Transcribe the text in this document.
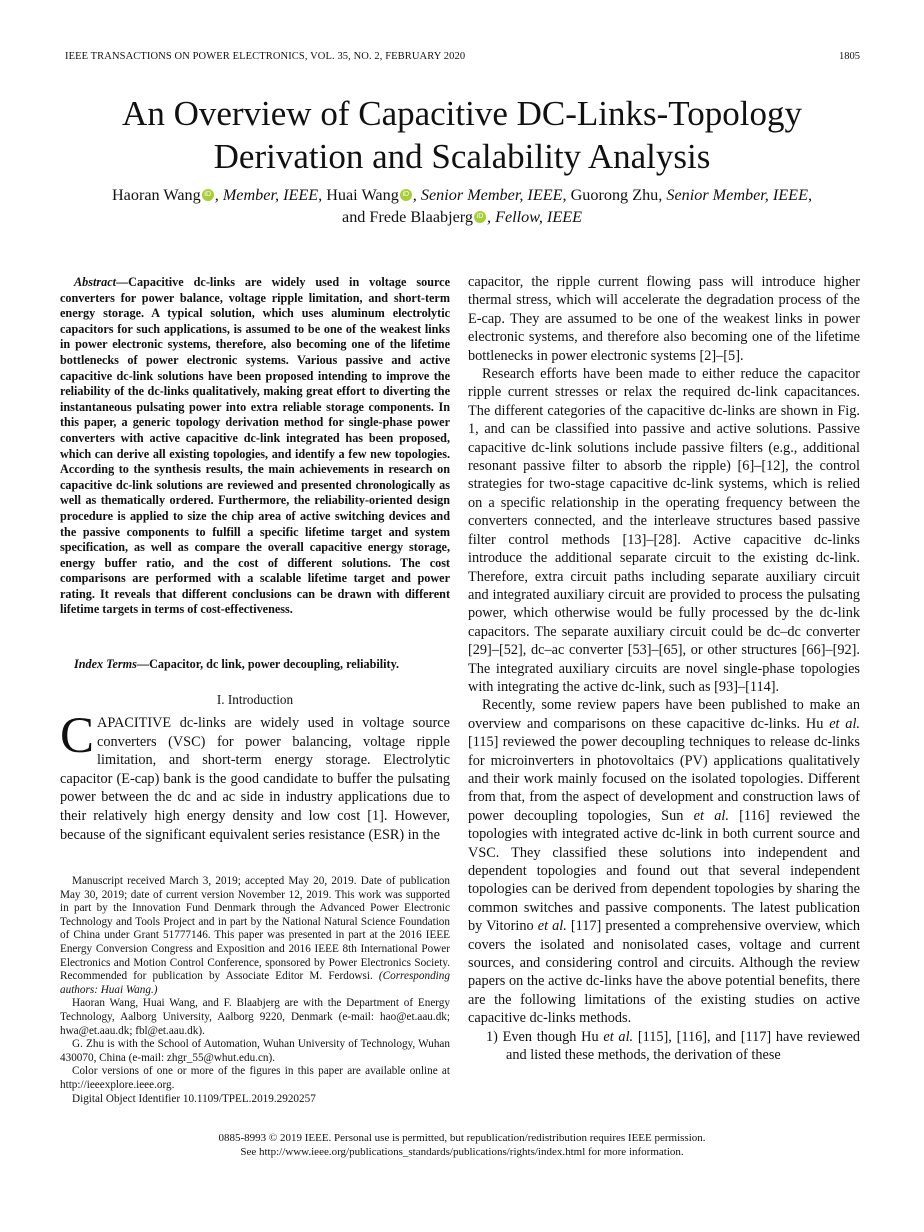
IEEE TRANSACTIONS ON POWER ELECTRONICS, VOL. 35, NO. 2, FEBRUARY 2020	1805
An Overview of Capacitive DC-Links-Topology
Derivation and Scalability Analysis
Haoran Wang iD , Member, IEEE, Huai Wang iD , Senior Member, IEEE, Guorong Zhu, Senior Member, IEEE,
and Frede Blaabjerg iD , Fellow, IEEE
Abstract—Capacitive dc-links are widely used in voltage source converters for power balance, voltage ripple limitation, and short-term energy storage. A typical solution, which uses aluminum electrolytic capacitors for such applications, is assumed to be one of the weakest links in power electronic systems, therefore, also becoming one of the lifetime bottlenecks of power electronic systems. Various passive and active capacitive dc-link solutions have been proposed intending to improve the reliability of the dc-links qualitatively, making great effort to diverting the instantaneous pulsating power into extra reliable storage components. In this paper, a generic topology derivation method for single-phase power converters with active capacitive dc-link integrated has been proposed, which can derive all existing topologies, and identify a few new topologies. According to the synthesis results, the main achievements in research on capacitive dc-link solutions are reviewed and presented chronologically as well as thematically ordered. Furthermore, the reliability-oriented design procedure is applied to size the chip area of active switching devices and the passive components to fulfill a specific lifetime target and system specification, as well as compare the overall capacitive energy storage, energy buffer ratio, and the cost of different solutions. The cost comparisons are performed with a scalable lifetime target and power rating. It reveals that different conclusions can be drawn with different lifetime targets in terms of cost-effectiveness.
Index Terms—Capacitor, dc link, power decoupling, reliability.
I. Introduction
CAPACITIVE dc-links are widely used in voltage source converters (VSC) for power balancing, voltage ripple limitation, and short-term energy storage. Electrolytic capacitor (E-cap) bank is the good candidate to buffer the pulsating power between the dc and ac side in industry applications due to their relatively high energy density and low cost [1]. However, because of the significant equivalent series resistance (ESR) in the

Manuscript received March 3, 2019; accepted May 20, 2019. Date of publication May 30, 2019; date of current version November 12, 2019. This work was supported in part by the Innovation Fund Denmark through the Advanced Power Electronic Technology and Tools Project and in part by the National Natural Science Foundation of China under Grant 51777146. This paper was presented in part at the 2016 IEEE Energy Conversion Congress and Exposition and 2016 IEEE 8th International Power Electronics and Motion Control Conference, sponsored by Power Electronics Society. Recommended for publication by Associate Editor M. Ferdowsi. (Corresponding authors: Huai Wang.)

Haoran Wang, Huai Wang, and F. Blaabjerg are with the Department of Energy Technology, Aalborg University, Aalborg 9220, Denmark (e-mail: hao@et.aau.dk; hwa@et.aau.dk; fbl@et.aau.dk).

G. Zhu is with the School of Automation, Wuhan University of Technology, Wuhan 430070, China (e-mail: zhgr_55@whut.edu.cn).

Color versions of one or more of the figures in this paper are available online at http://ieeexplore.ieee.org.

Digital Object Identifier 10.1109/TPEL.2019.2920257

capacitor, the ripple current flowing pass will introduce higher thermal stress, which will accelerate the degradation process of the E-cap. They are assumed to be one of the weakest links in power electronic systems, and therefore also becoming one of the lifetime bottlenecks in power electronic systems [2]–[5].

Research efforts have been made to either reduce the capacitor ripple current stresses or relax the required dc-link capacitances. The different categories of the capacitive dc-links are shown in Fig. 1, and can be classified into passive and active solutions. Passive capacitive dc-link solutions include passive filters (e.g., additional resonant passive filter to absorb the ripple) [6]–[12], the control strategies for two-stage capacitive dc-link systems, which is relied on a specific relationship in the operating frequency between the converters connected, and the interleave structures based passive filter control methods [13]–[28]. Active capacitive dc-links introduce the additional separate circuit to the existing dc-link. Therefore, extra circuit paths including separate auxiliary circuit and integrated auxiliary circuit are provided to process the pulsating power, which otherwise would be fully processed by the dc-link capacitors. The separate auxiliary circuit could be dc–dc converter [29]–[52], dc–ac converter [53]–[65], or other structures [66]–[92]. The integrated auxiliary circuits are novel single-phase topologies with integrating the active dc-link, such as [93]–[114].

Recently, some review papers have been published to make an overview and comparisons on these capacitive dc-links. Hu et al. [115] reviewed the power decoupling techniques to release dc-links for microinverters in photovoltaics (PV) applications qualitatively and their work mainly focused on the isolated topologies. Different from that, from the aspect of development and construction laws of power decoupling topologies, Sun et al. [116] reviewed the topologies with integrated active dc-link in both current source and VSC. They classified these solutions into independent and dependent topologies and found out that several independent topologies can be derived from dependent topologies by sharing the common switches and passive components. The latest publication by Vitorino et al. [117] presented a comprehensive overview, which covers the isolated and nonisolated cases, voltage and current sources, and considering control and circuits. Although the review papers on the active dc-links have the above potential benefits, there are the following limitations of the existing studies on active capacitive dc-links methods.

1) Even though Hu et al. [115], [116], and [117] have reviewed and listed these methods, the derivation of these

0885-8993 © 2019 IEEE. Personal use is permitted, but republication/redistribution requires IEEE permission.
See http://www.ieee.org/publications_standards/publications/rights/index.html for more information.
